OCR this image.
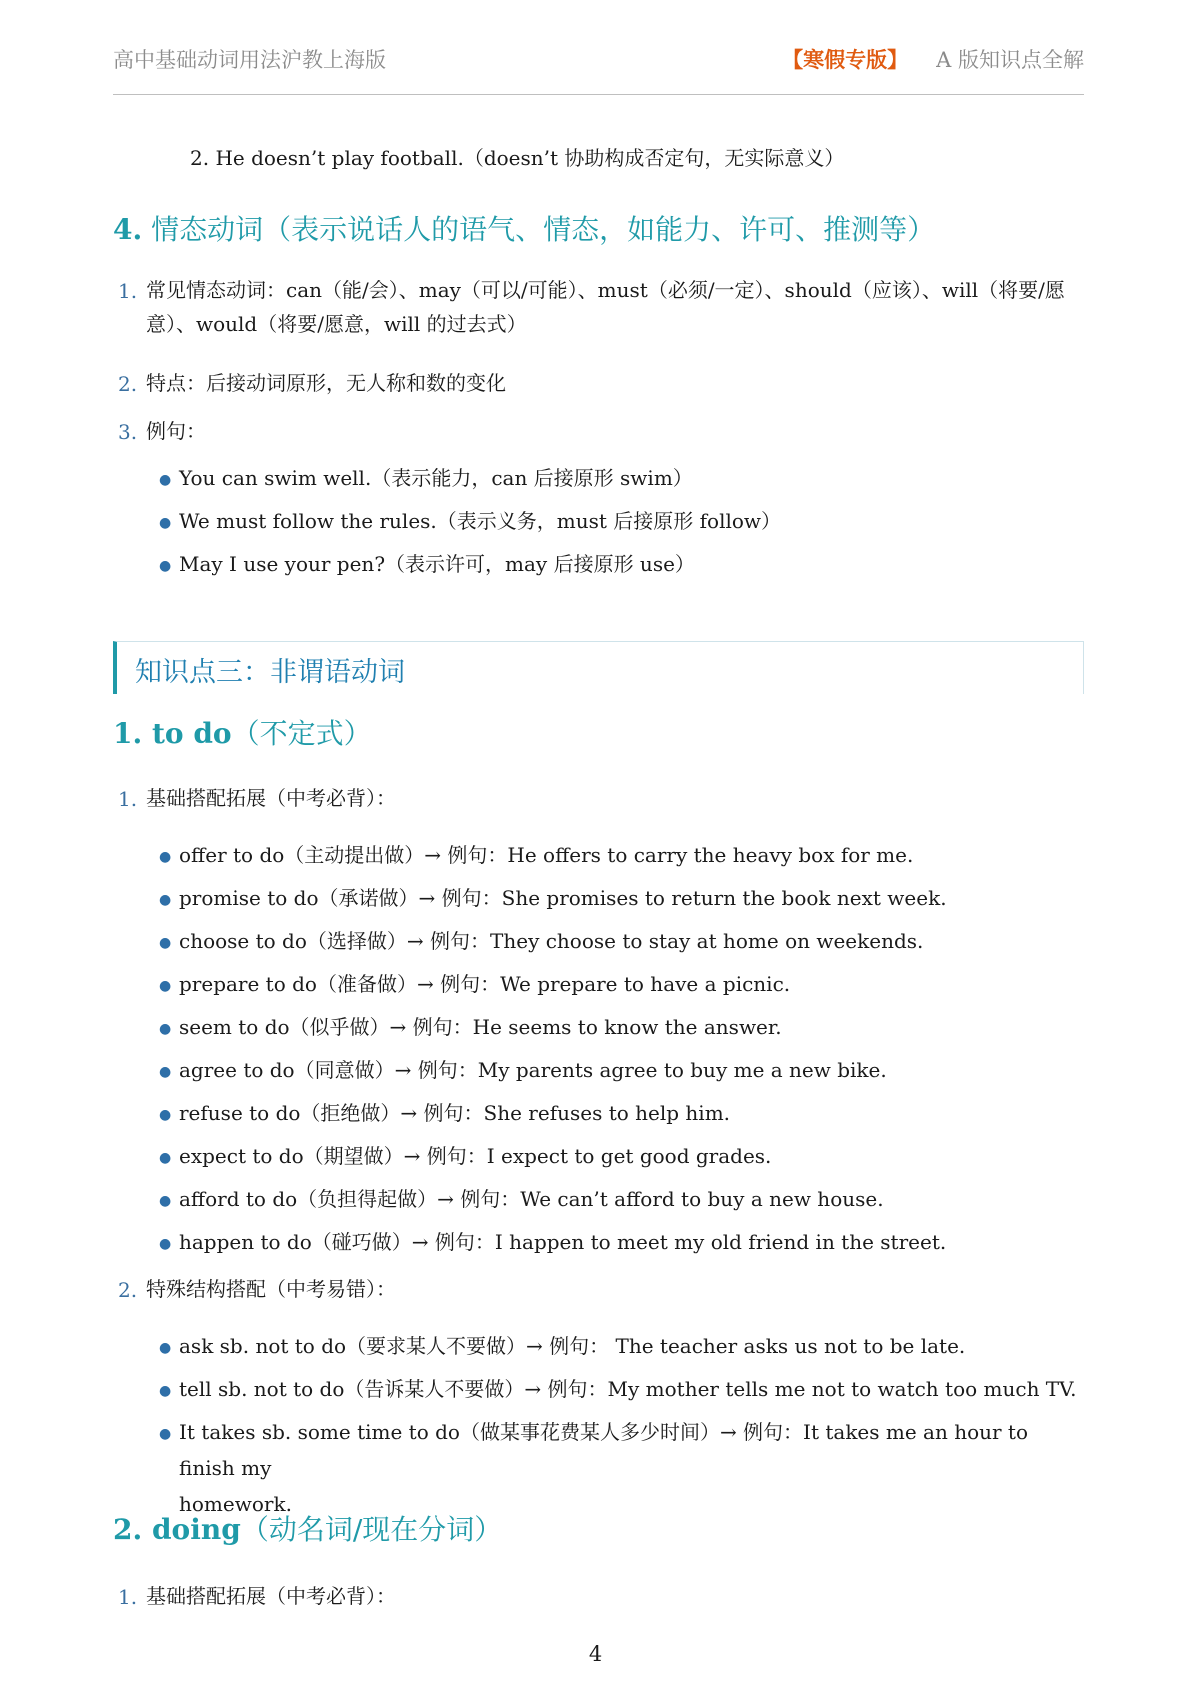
高中基础动词用法沪教上海版	【寒假专版】 A 版知识点全解
2. He doesn’t play football.（doesn’t 协助构成否定句，无实际意义）
4. 情态动词（表示说话人的语气、情态，如能力、许可、推测等）
1. 常见情态动词：can（能/会）、may（可以/可能）、must（必须/一定）、should（应该）、will（将要/愿
意）、would（将要/愿意，will 的过去式）
2. 特点：后接动词原形，无人称和数的变化
3. 例句：
● You can swim well.（表示能力，can 后接原形 swim）
● We must follow the rules.（表示义务，must 后接原形 follow）
● May I use your pen?（表示许可，may 后接原形 use）
知识点三：非谓语动词
1. to do（不定式）
1. 基础搭配拓展（中考必背）：
● offer to do（主动提出做）→ 例句：He offers to carry the heavy box for me.
● promise to do（承诺做）→ 例句：She promises to return the book next week.
● choose to do（选择做）→ 例句：They choose to stay at home on weekends.
● prepare to do（准备做）→ 例句：We prepare to have a picnic.
● seem to do（似乎做）→ 例句：He seems to know the answer.
● agree to do（同意做）→ 例句：My parents agree to buy me a new bike.
● refuse to do（拒绝做）→ 例句：She refuses to help him.
● expect to do（期望做）→ 例句：I expect to get good grades.
● afford to do（负担得起做）→ 例句：We can’t afford to buy a new house.
● happen to do（碰巧做）→ 例句：I happen to meet my old friend in the street.
2. 特殊结构搭配（中考易错）：
● ask sb. not to do（要求某人不要做）→ 例句： The teacher asks us not to be late.
● tell sb. not to do（告诉某人不要做）→ 例句：My mother tells me not to watch too much TV.
● It takes sb. some time to do（做某事花费某人多少时间）→ 例句：It takes me an hour to finish my
homework.
2. doing（动名词/现在分词）
1. 基础搭配拓展（中考必背）：
4
